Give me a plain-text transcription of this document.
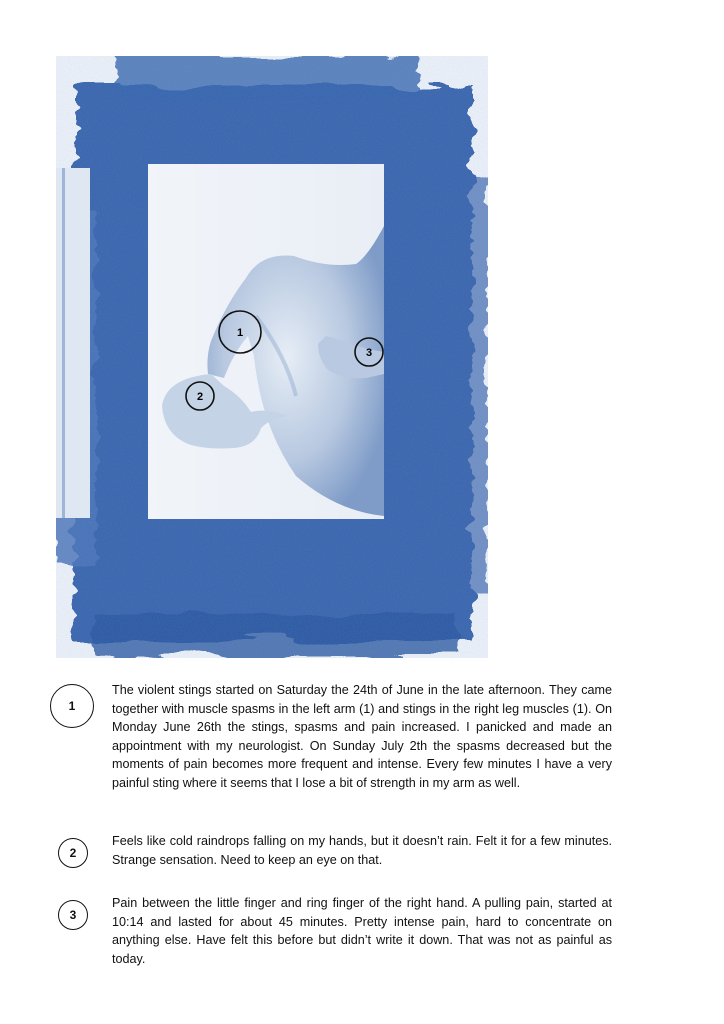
1
2
3
1

The violent stings started on Saturday the 24th of June in the late afternoon. They came together with muscle spasms in the left arm (1) and stings in the right leg muscles (1). On Monday June 26th the stings, spasms and pain increased. I panicked and made an appointment with my neurologist. On Sunday July 2th the spasms decreased but the moments of pain becomes more frequent and intense. Every few minutes I have a very painful sting where it seems that I lose a bit of strength in my arm as well.

2

Feels like cold raindrops falling on my hands, but it doesn’t rain. Felt it for a few minutes. Strange sensation. Need to keep an eye on that.

3

Pain between the little finger and ring finger of the right hand. A pulling pain, started at 10:14 and lasted for about 45 minutes. Pretty intense pain, hard to concentrate on anything else. Have felt this before but didn’t write it down. That was not as painful as today.
